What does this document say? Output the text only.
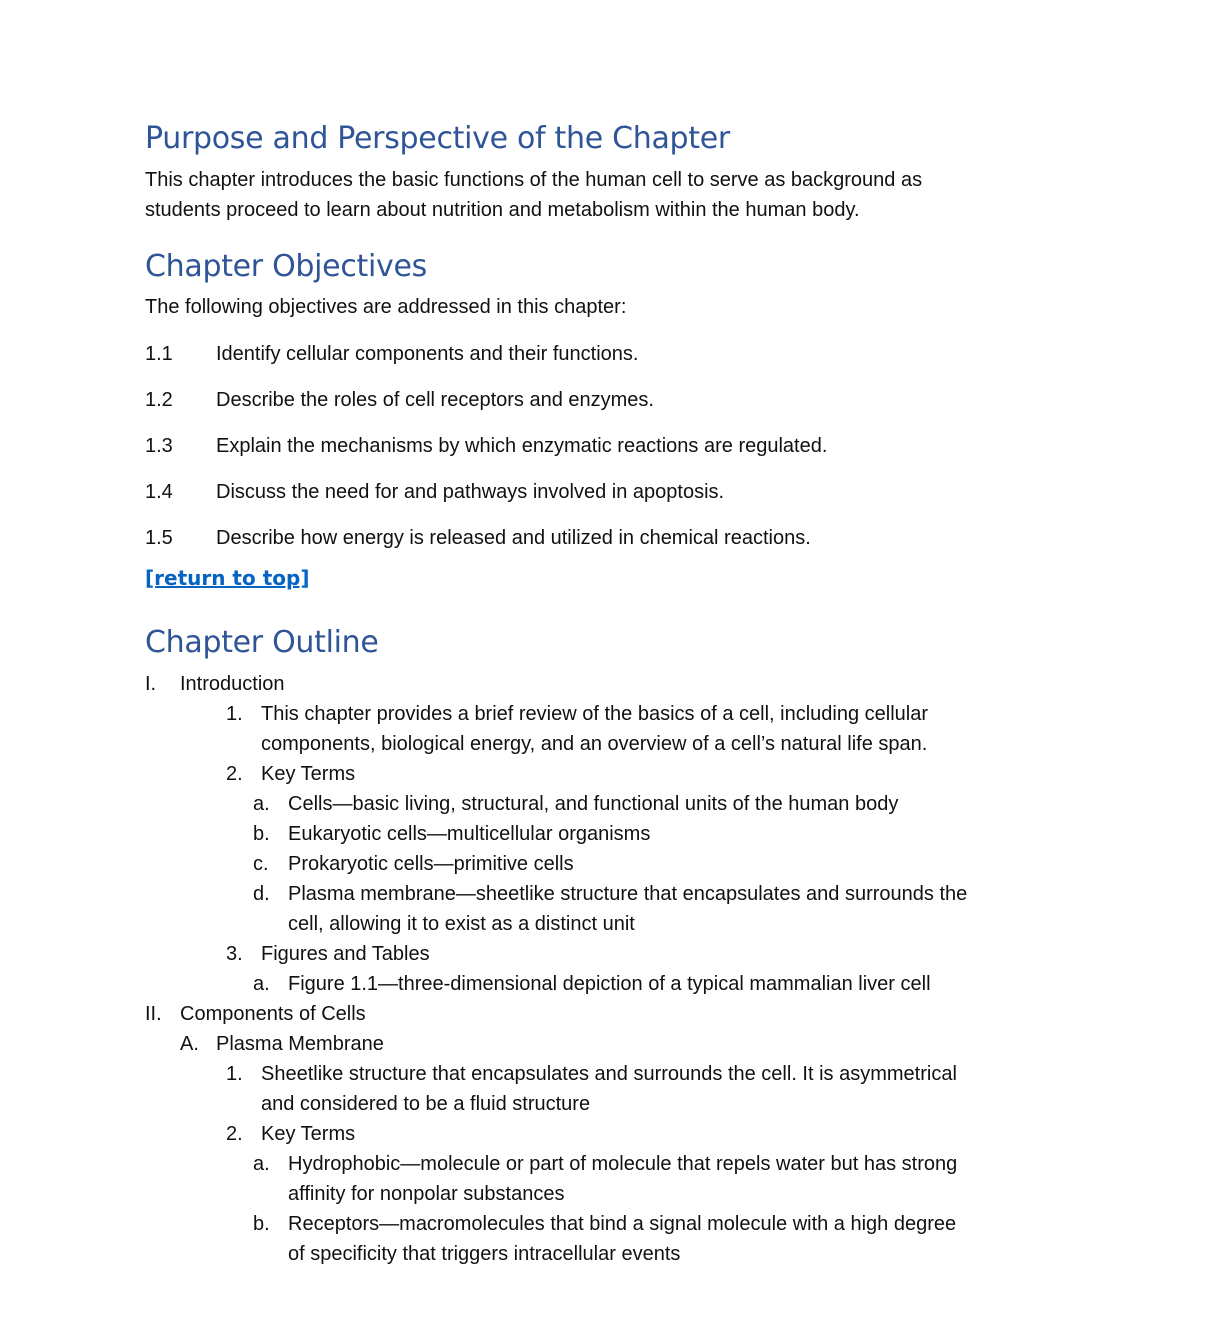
Purpose and Perspective of the Chapter
This chapter introduces the basic functions of the human cell to serve as background as
students proceed to learn about nutrition and metabolism within the human body.
Chapter Objectives
The following objectives are addressed in this chapter:
1.1 Identify cellular components and their functions.
1.2 Describe the roles of cell receptors and enzymes.
1.3 Explain the mechanisms by which enzymatic reactions are regulated.
1.4 Discuss the need for and pathways involved in apoptosis.
1.5 Describe how energy is released and utilized in chemical reactions.
[return to top]
Chapter Outline
I. Introduction
1. This chapter provides a brief review of the basics of a cell, including cellular
components, biological energy, and an overview of a cell’s natural life span.
2. Key Terms
a. Cells—basic living, structural, and functional units of the human body
b. Eukaryotic cells—multicellular organisms
c. Prokaryotic cells—primitive cells
d. Plasma membrane—sheetlike structure that encapsulates and surrounds the
cell, allowing it to exist as a distinct unit
3. Figures and Tables
a. Figure 1.1—three-dimensional depiction of a typical mammalian liver cell
II. Components of Cells
A. Plasma Membrane
1. Sheetlike structure that encapsulates and surrounds the cell. It is asymmetrical
and considered to be a fluid structure
2. Key Terms
a. Hydrophobic—molecule or part of molecule that repels water but has strong
affinity for nonpolar substances
b. Receptors—macromolecules that bind a signal molecule with a high degree
of specificity that triggers intracellular events
